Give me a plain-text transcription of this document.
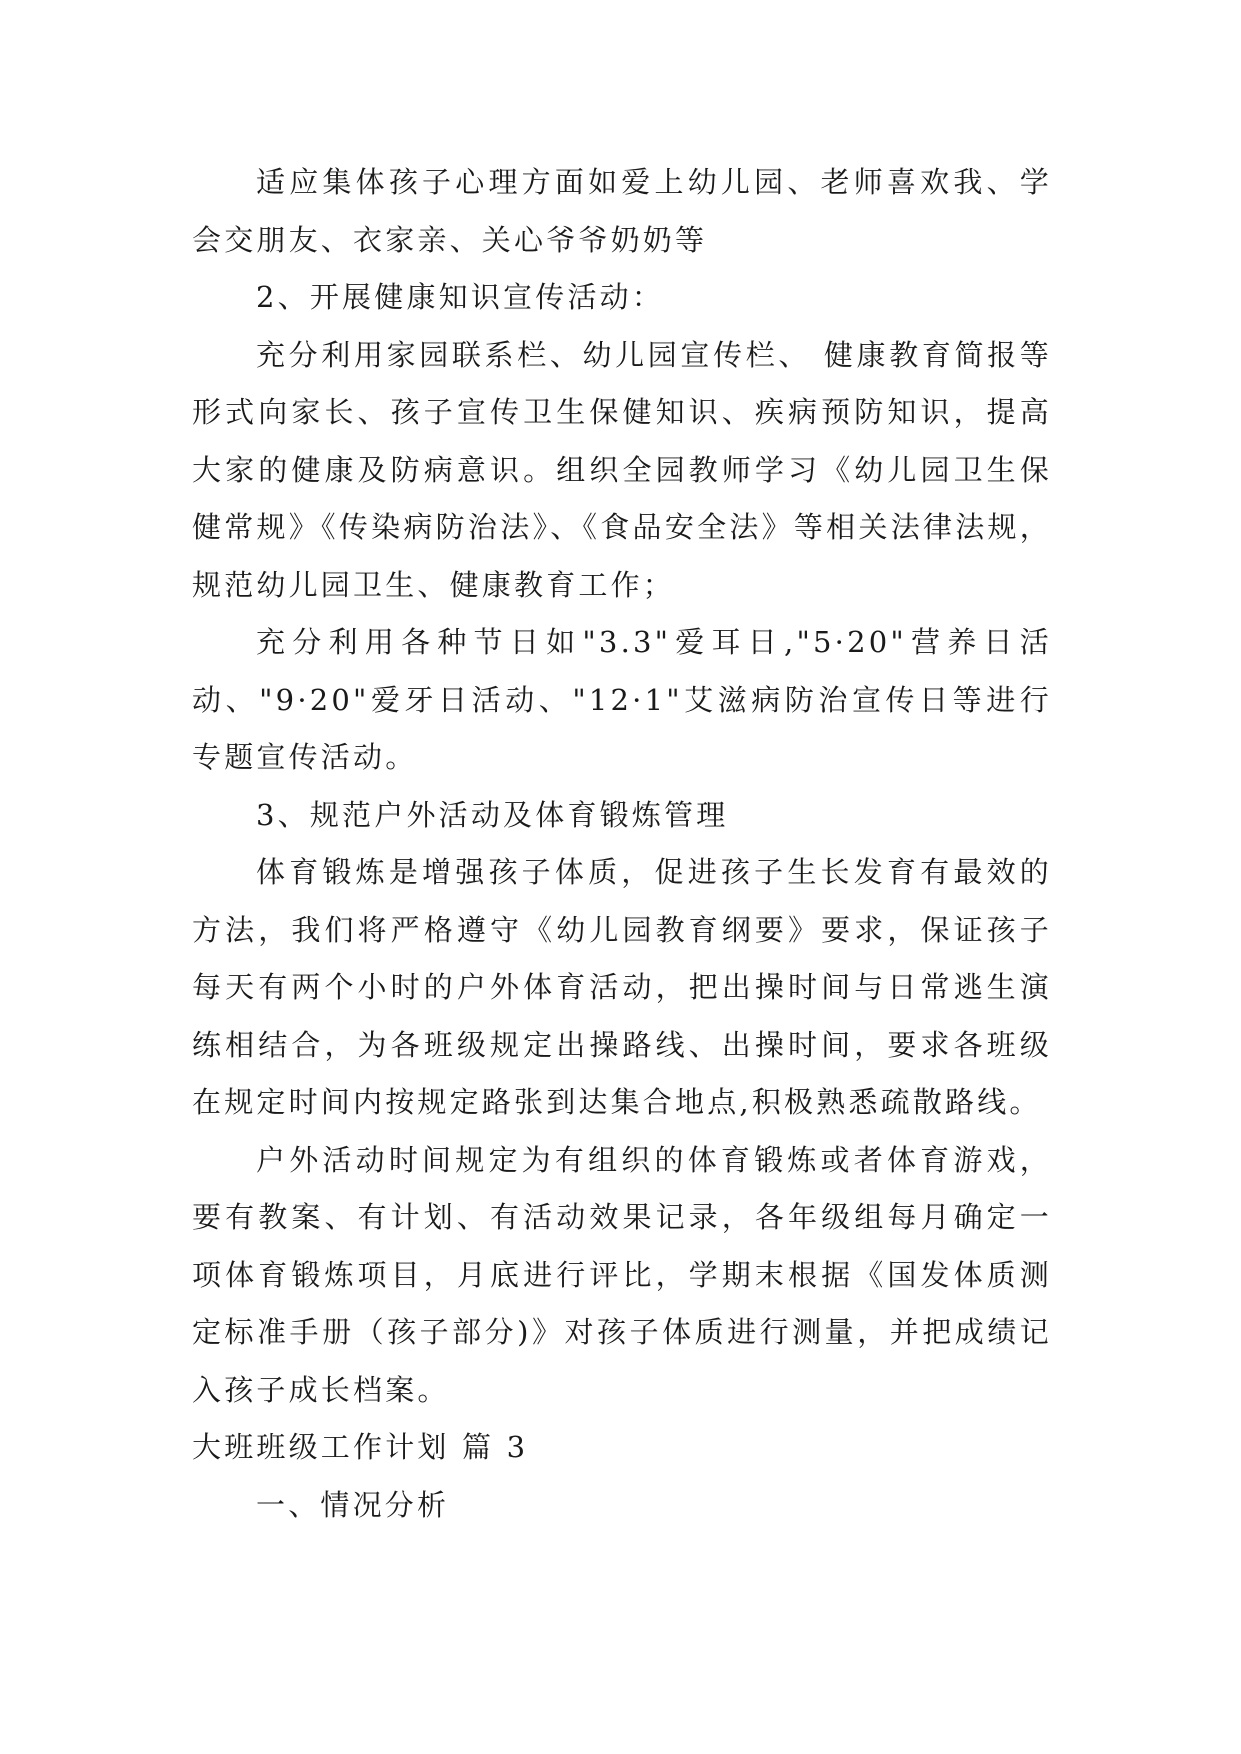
适应集体孩子心理方面如爱上幼儿园、老师喜欢我、学会交朋友、衣家亲、关心爷爷奶奶等

2、开展健康知识宣传活动：

充分利用家园联系栏、幼儿园宣传栏、 健康教育简报等形式向家长、孩子宣传卫生保健知识、疾病预防知识，提高大家的健康及防病意识。组织全园教师学习《幼儿园卫生保健常规》《传染病防治法》、《食品安全法》等相关法律法规，规范幼儿园卫生、健康教育工作；

充分利用各种节日如"3.3"爱耳日,"5·20"营养日活动、"9·20"爱牙日活动、"12·1"艾滋病防治宣传日等进行专题宣传活动。

3、规范户外活动及体育锻炼管理

体育锻炼是增强孩子体质，促进孩子生长发育有最效的方法，我们将严格遵守《幼儿园教育纲要》要求，保证孩子每天有两个小时的户外体育活动，把出操时间与日常逃生演练相结合，为各班级规定出操路线、出操时间，要求各班级在规定时间内按规定路张到达集合地点,积极熟悉疏散路线。

户外活动时间规定为有组织的体育锻炼或者体育游戏，要有教案、有计划、有活动效果记录，各年级组每月确定一项体育锻炼项目，月底进行评比，学期末根据《国发体质测定标准手册（孩子部分)》对孩子体质进行测量，并把成绩记入孩子成长档案。

大班班级工作计划 篇 3

一、情况分析
